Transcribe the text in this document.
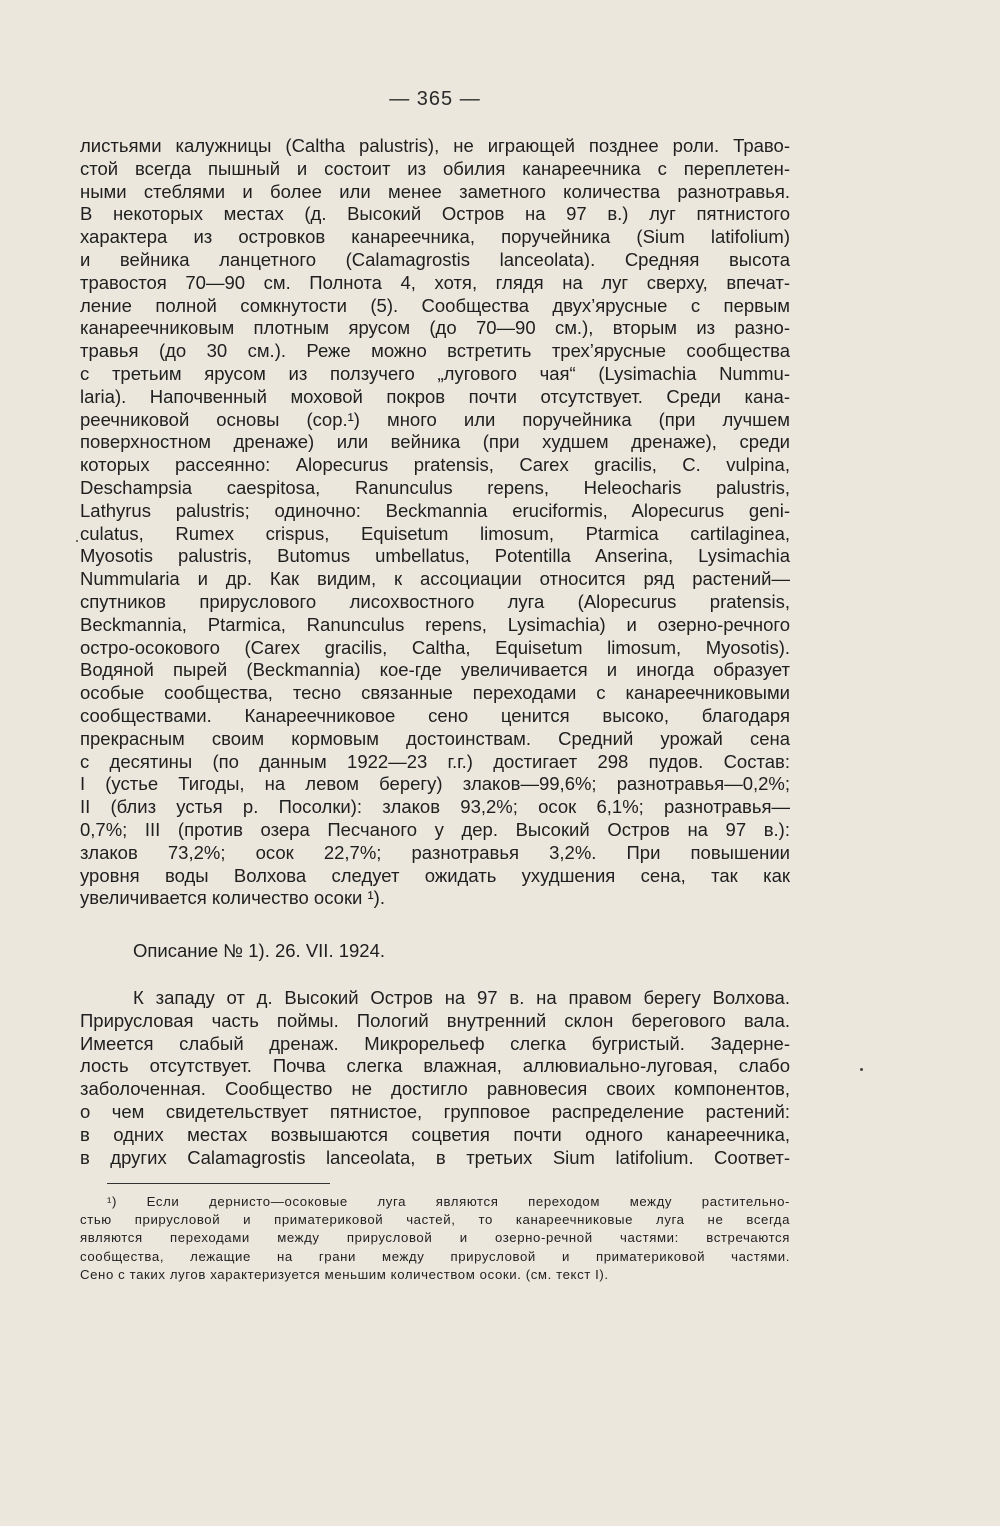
— 365 —
листьями калужницы (Caltha palustris), не играющей позднее роли. Траво-
стой всегда пышный и состоит из обилия канареечника с переплетен-
ными стеблями и более или менее заметного количества разнотравья.
В некоторых местах (д. Высокий Остров на 97 в.) луг пятнистого
характера из островков канареечника, поручейника (Sium latifolium)
и вейника ланцетного (Calamagrostis lanceolata). Средняя высота
травостоя 70—90 см. Полнота 4, хотя, глядя на луг сверху, впечат-
ление полной сомкнутости (5). Сообщества двух’ярусные с первым
канареечниковым плотным ярусом (до 70—90 см.), вторым из разно-
травья (до 30 см.). Реже можно встретить трех’ярусные сообщества
с третьим ярусом из ползучего „лугового чая“ (Lysimachia Nummu-
laria). Напочвенный моховой покров почти отсутствует. Среди кана-
реечниковой основы (cop.¹) много или поручейника (при лучшем
поверхностном дренаже) или вейника (при худшем дренаже), среди
которых рассеянно: Alopecurus pratensis, Carex gracilis, C. vulpina,
Deschampsia caespitosa, Ranunculus repens, Heleocharis palustris,
Lathyrus palustris; одиночно: Beckmannia eruciformis, Alopecurus geni-
culatus, Rumex crispus, Equisetum limosum, Ptarmica cartilaginea,
Myosotis palustris, Butomus umbellatus, Potentilla Anserina, Lysimachia
Nummularia и др. Как видим, к ассоциации относится ряд растений—
спутников прируслового лисохвостного луга (Alopecurus pratensis,
Beckmannia, Ptarmica, Ranunculus repens, Lysimachia) и озерно-речного
остро-осокового (Carex gracilis, Caltha, Equisetum limosum, Myosotis).
Водяной пырей (Beckmannia) кое-где увеличивается и иногда образует
особые сообщества, тесно связанные переходами с канареечниковыми
сообществами. Канареечниковое сено ценится высоко, благодаря
прекрасным своим кормовым достоинствам. Средний урожай сена
с десятины (по данным 1922—23 г.г.) достигает 298 пудов. Состав:
I (устье Тигоды, на левом берегу) злаков—99,6%; разнотравья—0,2%;
II (близ устья р. Посолки): злаков 93,2%; осок 6,1%; разнотравья—
0,7%; III (против озера Песчаного у дер. Высокий Остров на 97 в.):
злаков 73,2%; осок 22,7%; разнотравья 3,2%. При повышении
уровня воды Волхова следует ожидать ухудшения сена, так как
увеличивается количество осоки ¹).
Описание № 1). 26. VII. 1924.
К западу от д. Высокий Остров на 97 в. на правом берегу Волхова.
Прирусловая часть поймы. Пологий внутренний склон берегового вала.
Имеется слабый дренаж. Микрорельеф слегка бугристый. Задерне-
лость отсутствует. Почва слегка влажная, аллювиально-луговая, слабо
заболоченная. Сообщество не достигло равновесия своих компонентов,
о чем свидетельствует пятнистое, групповое распределение растений:
в одних местах возвышаются соцветия почти одного канареечника,
в других Calamagrostis lanceolata, в третьих Sium latifolium. Соответ-
¹) Если дернисто—осоковые луга являются переходом между растительно-
стью прирусловой и приматериковой частей, то канареечниковые луга не всегда
являются переходами между прирусловой и озерно-речной частями: встречаются
сообщества, лежащие на грани между прирусловой и приматериковой частями.
Сено с таких лугов характеризуется меньшим количеством осоки. (см. текст I).
